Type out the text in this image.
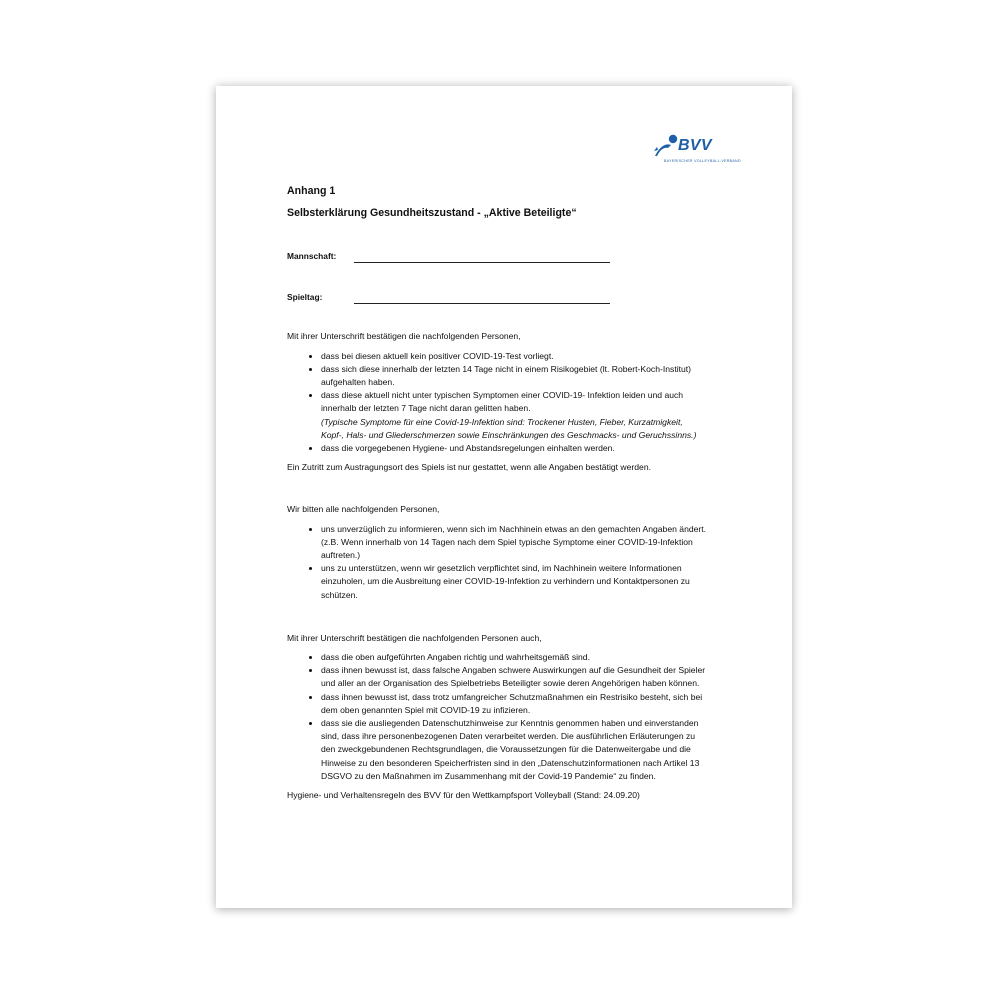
BVV
BAYERISCHER VOLLEYBALL-VERBAND

Anhang 1

Selbsterklärung Gesundheitszustand - „Aktive Beteiligte“

Mannschaft:
Spieltag:

Mit ihrer Unterschrift bestätigen die nachfolgenden Personen,

• dass bei diesen aktuell kein positiver COVID-19-Test vorliegt.
• dass sich diese innerhalb der letzten 14 Tage nicht in einem Risikogebiet (lt. Robert-Koch-Institut) aufgehalten haben.
• dass diese aktuell nicht unter typischen Symptomen einer COVID-19- Infektion leiden und auch innerhalb der letzten 7 Tage nicht daran gelitten haben.
(Typische Symptome für eine Covid-19-Infektion sind: Trockener Husten, Fieber, Kurzatmigkeit, Kopf-, Hals- und Gliederschmerzen sowie Einschränkungen des Geschmacks- und Geruchssinns.)
• dass die vorgegebenen Hygiene- und Abstandsregelungen einhalten werden.

Ein Zutritt zum Austragungsort des Spiels ist nur gestattet, wenn alle Angaben bestätigt werden.

Wir bitten alle nachfolgenden Personen,

• uns unverzüglich zu informieren, wenn sich im Nachhinein etwas an den gemachten Angaben ändert. (z.B. Wenn innerhalb von 14 Tagen nach dem Spiel typische Symptome einer COVID-19-Infektion auftreten.)
• uns zu unterstützen, wenn wir gesetzlich verpflichtet sind, im Nachhinein weitere Informationen einzuholen, um die Ausbreitung einer COVID-19-Infektion zu verhindern und Kontaktpersonen zu schützen.

Mit ihrer Unterschrift bestätigen die nachfolgenden Personen auch,

• dass die oben aufgeführten Angaben richtig und wahrheitsgemäß sind.
• dass ihnen bewusst ist, dass falsche Angaben schwere Auswirkungen auf die Gesundheit der Spieler und aller an der Organisation des Spielbetriebs Beteiligter sowie deren Angehörigen haben können.
• dass ihnen bewusst ist, dass trotz umfangreicher Schutzmaßnahmen ein Restrisiko besteht, sich bei dem oben genannten Spiel mit COVID-19 zu infizieren.
• dass sie die ausliegenden Datenschutzhinweise zur Kenntnis genommen haben und einverstanden sind, dass ihre personenbezogenen Daten verarbeitet werden. Die ausführlichen Erläuterungen zu den zweckgebundenen Rechtsgrundlagen, die Voraussetzungen für die Datenweitergabe und die Hinweise zu den besonderen Speicherfristen sind in den „Datenschutzinformationen nach Artikel 13 DSGVO zu den Maßnahmen im Zusammenhang mit der Covid-19 Pandemie“ zu finden.

Hygiene- und Verhaltensregeln des BVV für den Wettkampfsport Volleyball (Stand: 24.09.20)
